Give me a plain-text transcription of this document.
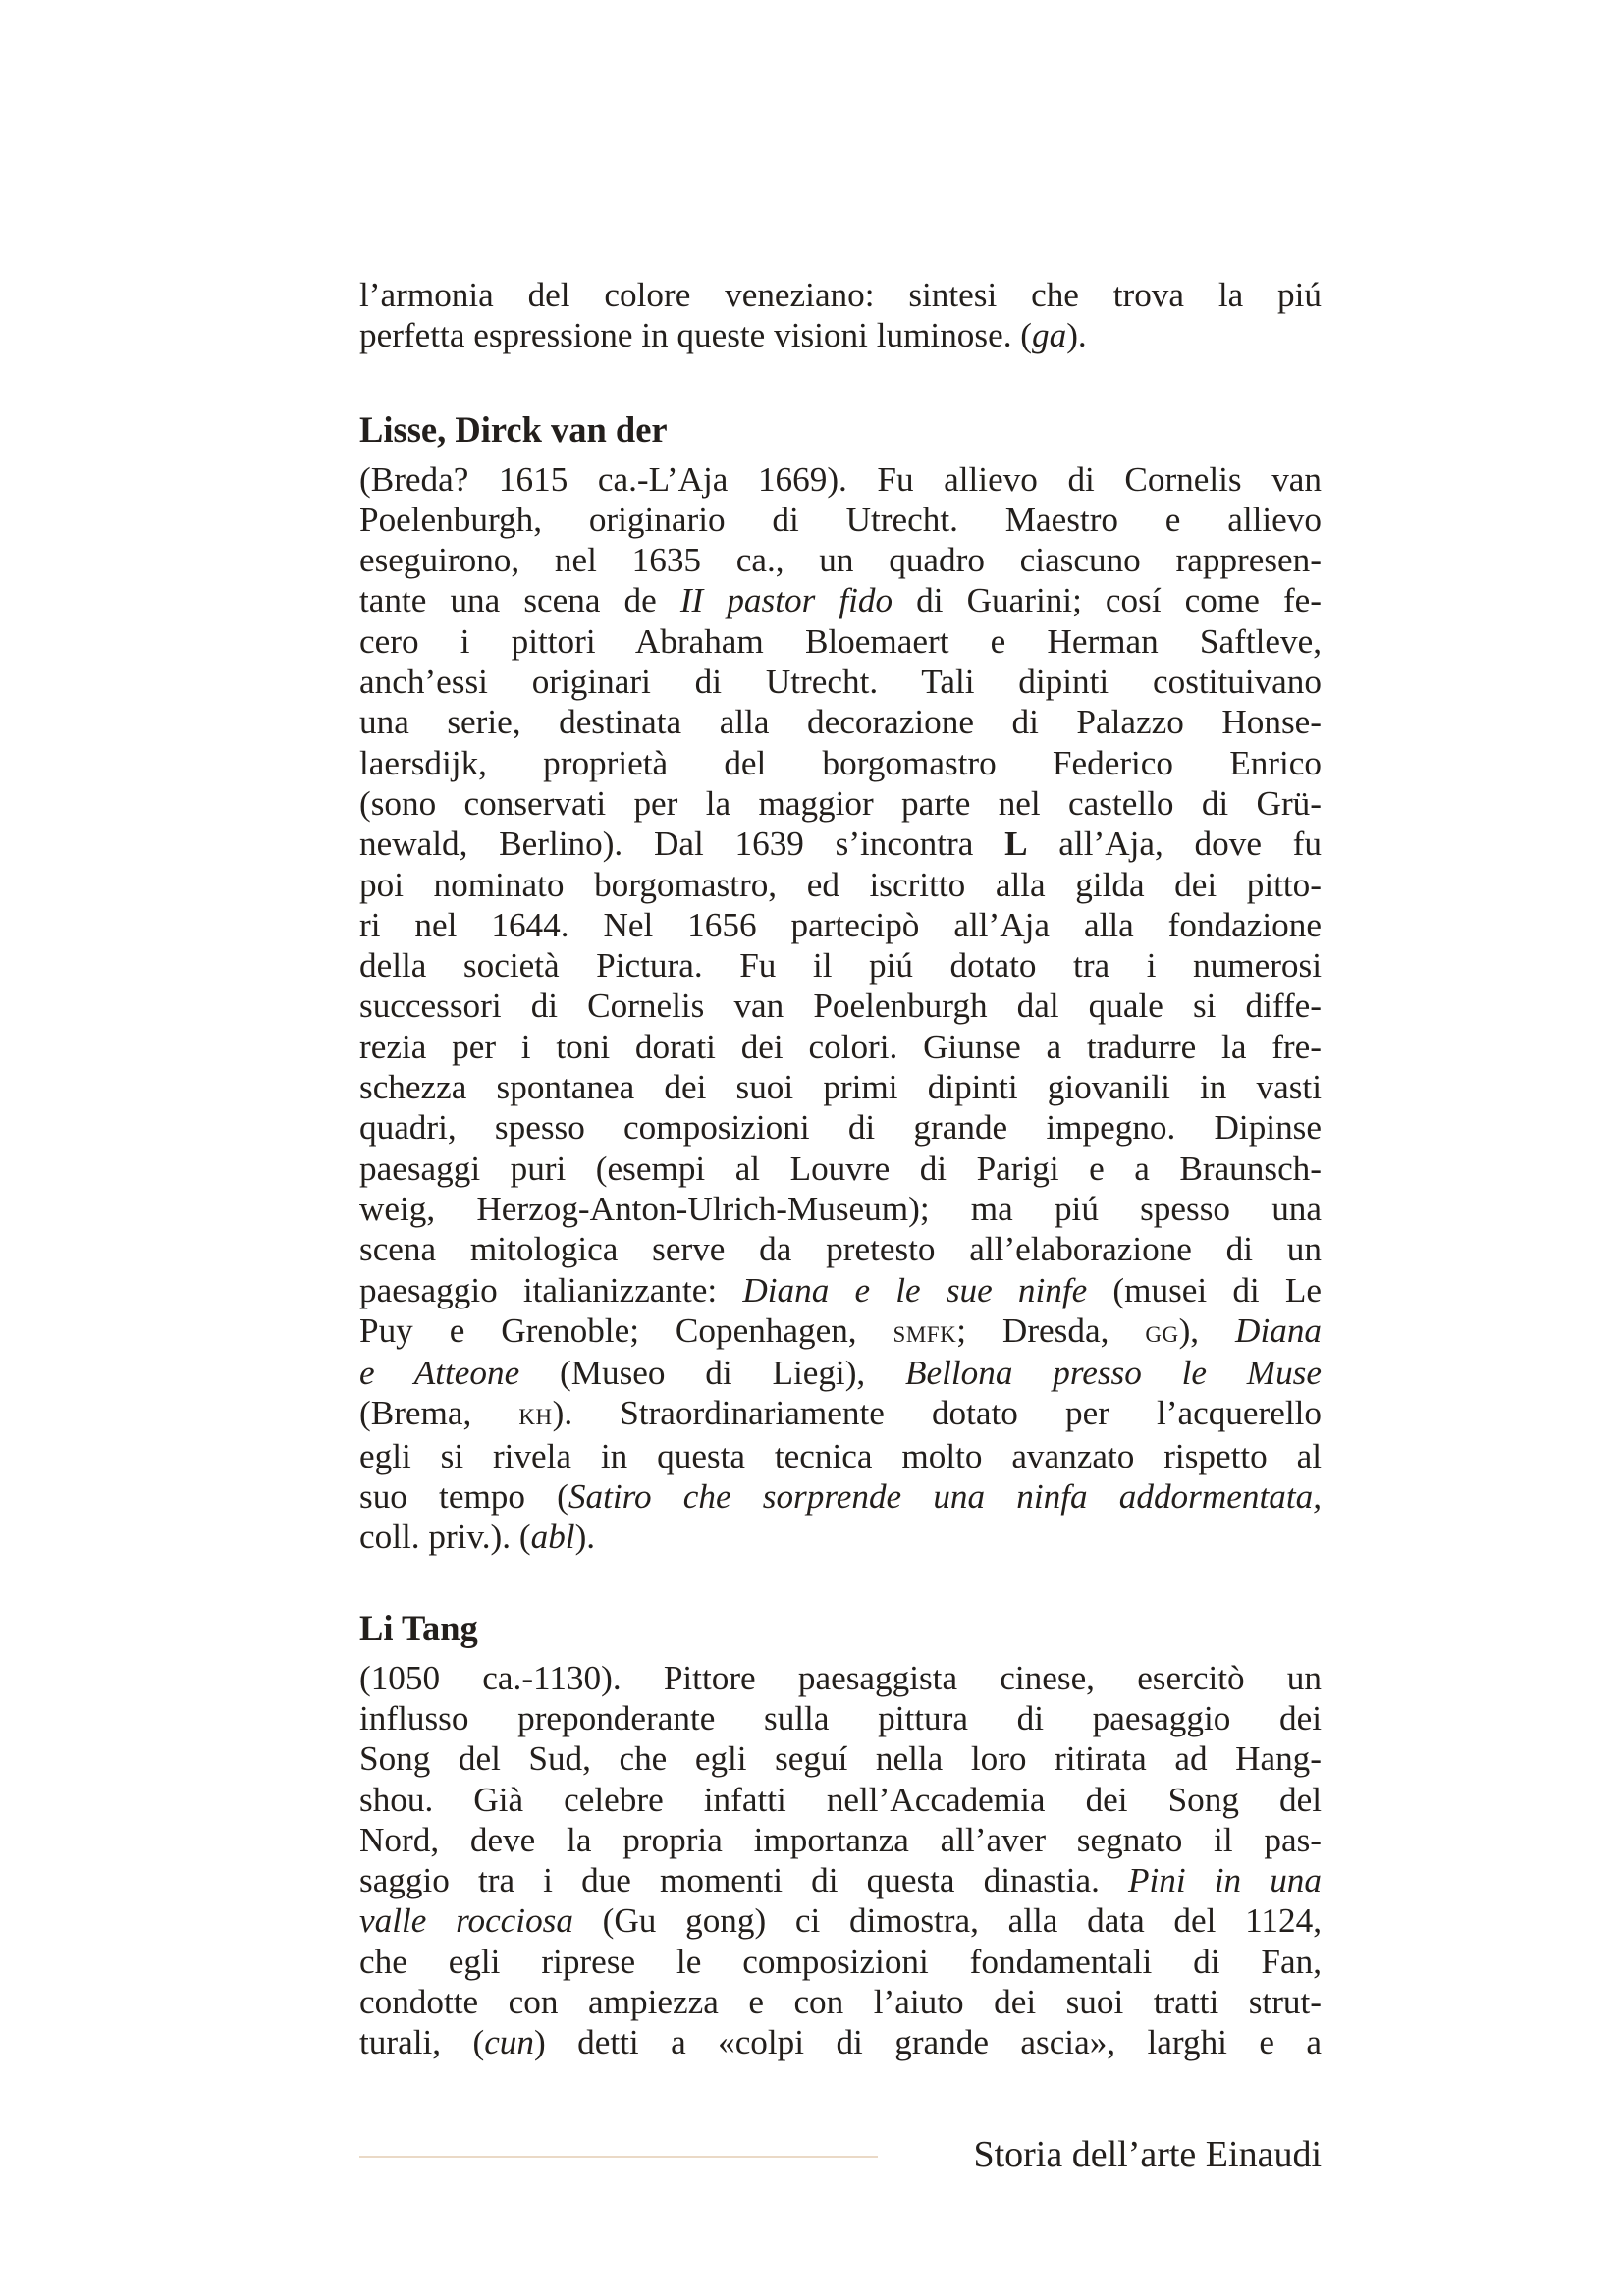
l’armonia del colore veneziano: sintesi che trova la piú
perfetta espressione in queste visioni luminose. (ga).

Lisse, Dirck van der

(Breda? 1615 ca.-L’Aja 1669). Fu allievo di Cornelis van
Poelenburgh, originario di Utrecht. Maestro e allievo
eseguirono, nel 1635 ca., un quadro ciascuno rappresen-
tante una scena de II pastor fido di Guarini; cosí come fe-
cero i pittori Abraham Bloemaert e Herman Saftleve,
anch’essi originari di Utrecht. Tali dipinti costituivano
una serie, destinata alla decorazione di Palazzo Honse-
laersdijk, proprietà del borgomastro Federico Enrico
(sono conservati per la maggior parte nel castello di Grü-
newald, Berlino). Dal 1639 s’incontra L all’Aja, dove fu
poi nominato borgomastro, ed iscritto alla gilda dei pitto-
ri nel 1644. Nel 1656 partecipò all’Aja alla fondazione
della società Pictura. Fu il piú dotato tra i numerosi
successori di Cornelis van Poelenburgh dal quale si diffe-
rezia per i toni dorati dei colori. Giunse a tradurre la fre-
schezza spontanea dei suoi primi dipinti giovanili in vasti
quadri, spesso composizioni di grande impegno. Dipinse
paesaggi puri (esempi al Louvre di Parigi e a Braunsch-
weig, Herzog-Anton-Ulrich-Museum); ma piú spesso una
scena mitologica serve da pretesto all’elaborazione di un
paesaggio italianizzante: Diana e le sue ninfe (musei di Le
Puy e Grenoble; Copenhagen, smfk; Dresda, gg), Diana
e Atteone (Museo di Liegi), Bellona presso le Muse
(Brema, kh). Straordinariamente dotato per l’acquerello
egli si rivela in questa tecnica molto avanzato rispetto al
suo tempo (Satiro che sorprende una ninfa addormentata,
coll. priv.). (abl).

Li Tang

(1050 ca.-1130). Pittore paesaggista cinese, esercitò un
influsso preponderante sulla pittura di paesaggio dei
Song del Sud, che egli seguí nella loro ritirata ad Hang-
shou. Già celebre infatti nell’Accademia dei Song del
Nord, deve la propria importanza all’aver segnato il pas-
saggio tra i due momenti di questa dinastia. Pini in una
valle rocciosa (Gu gong) ci dimostra, alla data del 1124,
che egli riprese le composizioni fondamentali di Fan,
condotte con ampiezza e con l’aiuto dei suoi tratti strut-
turali, (cun) detti a «colpi di grande ascia», larghi e a

Storia dell’arte Einaudi
